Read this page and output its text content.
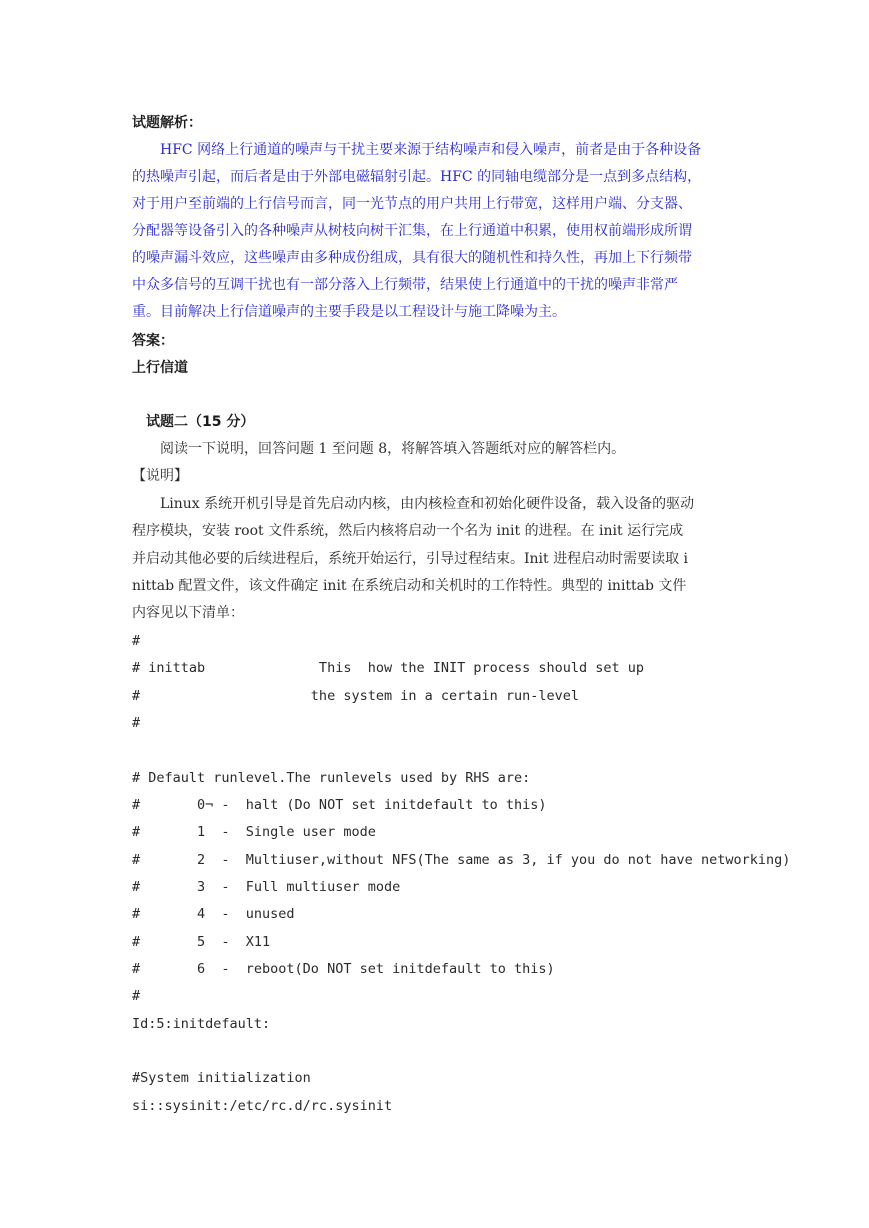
试题解析：
HFC 网络上行通道的噪声与干扰主要来源于结构噪声和侵入噪声，前者是由于各种设备
的热噪声引起，而后者是由于外部电磁辐射引起。HFC 的同轴电缆部分是一点到多点结构，
对于用户至前端的上行信号而言，同一光节点的用户共用上行带宽，这样用户端、分支器、
分配器等设备引入的各种噪声从树枝向树干汇集，在上行通道中积累，使用权前端形成所谓
的噪声漏斗效应，这些噪声由多种成份组成，具有很大的随机性和持久性，再加上下行频带
中众多信号的互调干扰也有一部分落入上行频带，结果使上行通道中的干扰的噪声非常严
重。目前解决上行信道噪声的主要手段是以工程设计与施工降噪为主。
答案：
上行信道
试题二（15 分）
阅读一下说明，回答问题 1 至问题 8，将解答填入答题纸对应的解答栏内。
【说明】
Linux 系统开机引导是首先启动内核，由内核检查和初始化硬件设备，载入设备的驱动
程序模块，安装 root 文件系统，然后内核将启动一个名为 init 的进程。在 init 运行完成
并启动其他必要的后续进程后，系统开始运行，引导过程结束。Init 进程启动时需要读取 i
nittab 配置文件，该文件确定 init 在系统启动和关机时的工作特性。典型的 inittab 文件
内容见以下清单：
#
# inittab              This  how the INIT process should set up
#                     the system in a certain run-level
#
# Default runlevel.The runlevels used by RHS are:
#       0¬ -  halt (Do NOT set initdefault to this)
#       1  -  Single user mode
#       2  -  Multiuser,without NFS(The same as 3, if you do not have networking)
#       3  -  Full multiuser mode
#       4  -  unused
#       5  -  X11
#       6  -  reboot(Do NOT set initdefault to this)
#
Id:5:initdefault:
#System initialization
si::sysinit:/etc/rc.d/rc.sysinit
